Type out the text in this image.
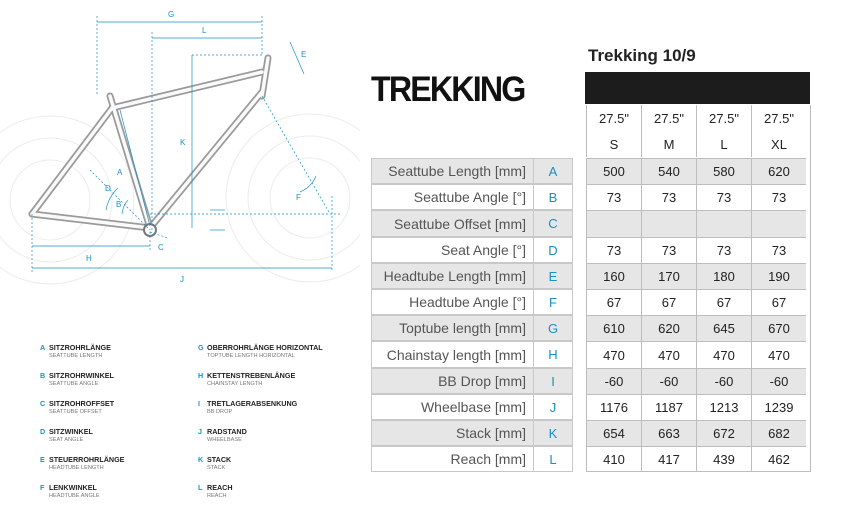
G
L
E
K
A
D
B
C
F
H
J
A SITZROHRLÄNGE
SEATTUBE LENGTH
B SITZROHRWINKEL
SEATTUBE ANGLE
C SITZROHROFFSET
SEATTUBE OFFSET
D SITZWINKEL
SEAT ANGLE
E STEUERROHRLÄNGE
HEADTUBE LENGTH
F LENKWINKEL
HEADTUBE ANGLE
G OBERROHRLÄNGE HORIZONTAL
TOPTUBE LENGTH HORIZONTAL
H KETTENSTREBENLÄNGE
CHAINSTAY LENGTH
I TRETLAGERABSENKUNG
BB DROP
J RADSTAND
WHEELBASE
K STACK
STACK
L REACH
REACH
TREKKING
Trekking 10/9
27.5"	27.5"	27.5"	27.5"
S	M	L	XL
Seattube Length [mm]	A	500	540	580	620
Seattube Angle [°]	B	73	73	73	73
Seattube Offset [mm]	C
Seat Angle [°]	D	73	73	73	73
Headtube Length [mm]	E	160	170	180	190
Headtube Angle [°]	F	67	67	67	67
Toptube length [mm]	G	610	620	645	670
Chainstay length [mm]	H	470	470	470	470
BB Drop [mm]	I	-60	-60	-60	-60
Wheelbase [mm]	J	1176	1187	1213	1239
Stack [mm]	K	654	663	672	682
Reach [mm]	L	410	417	439	462
